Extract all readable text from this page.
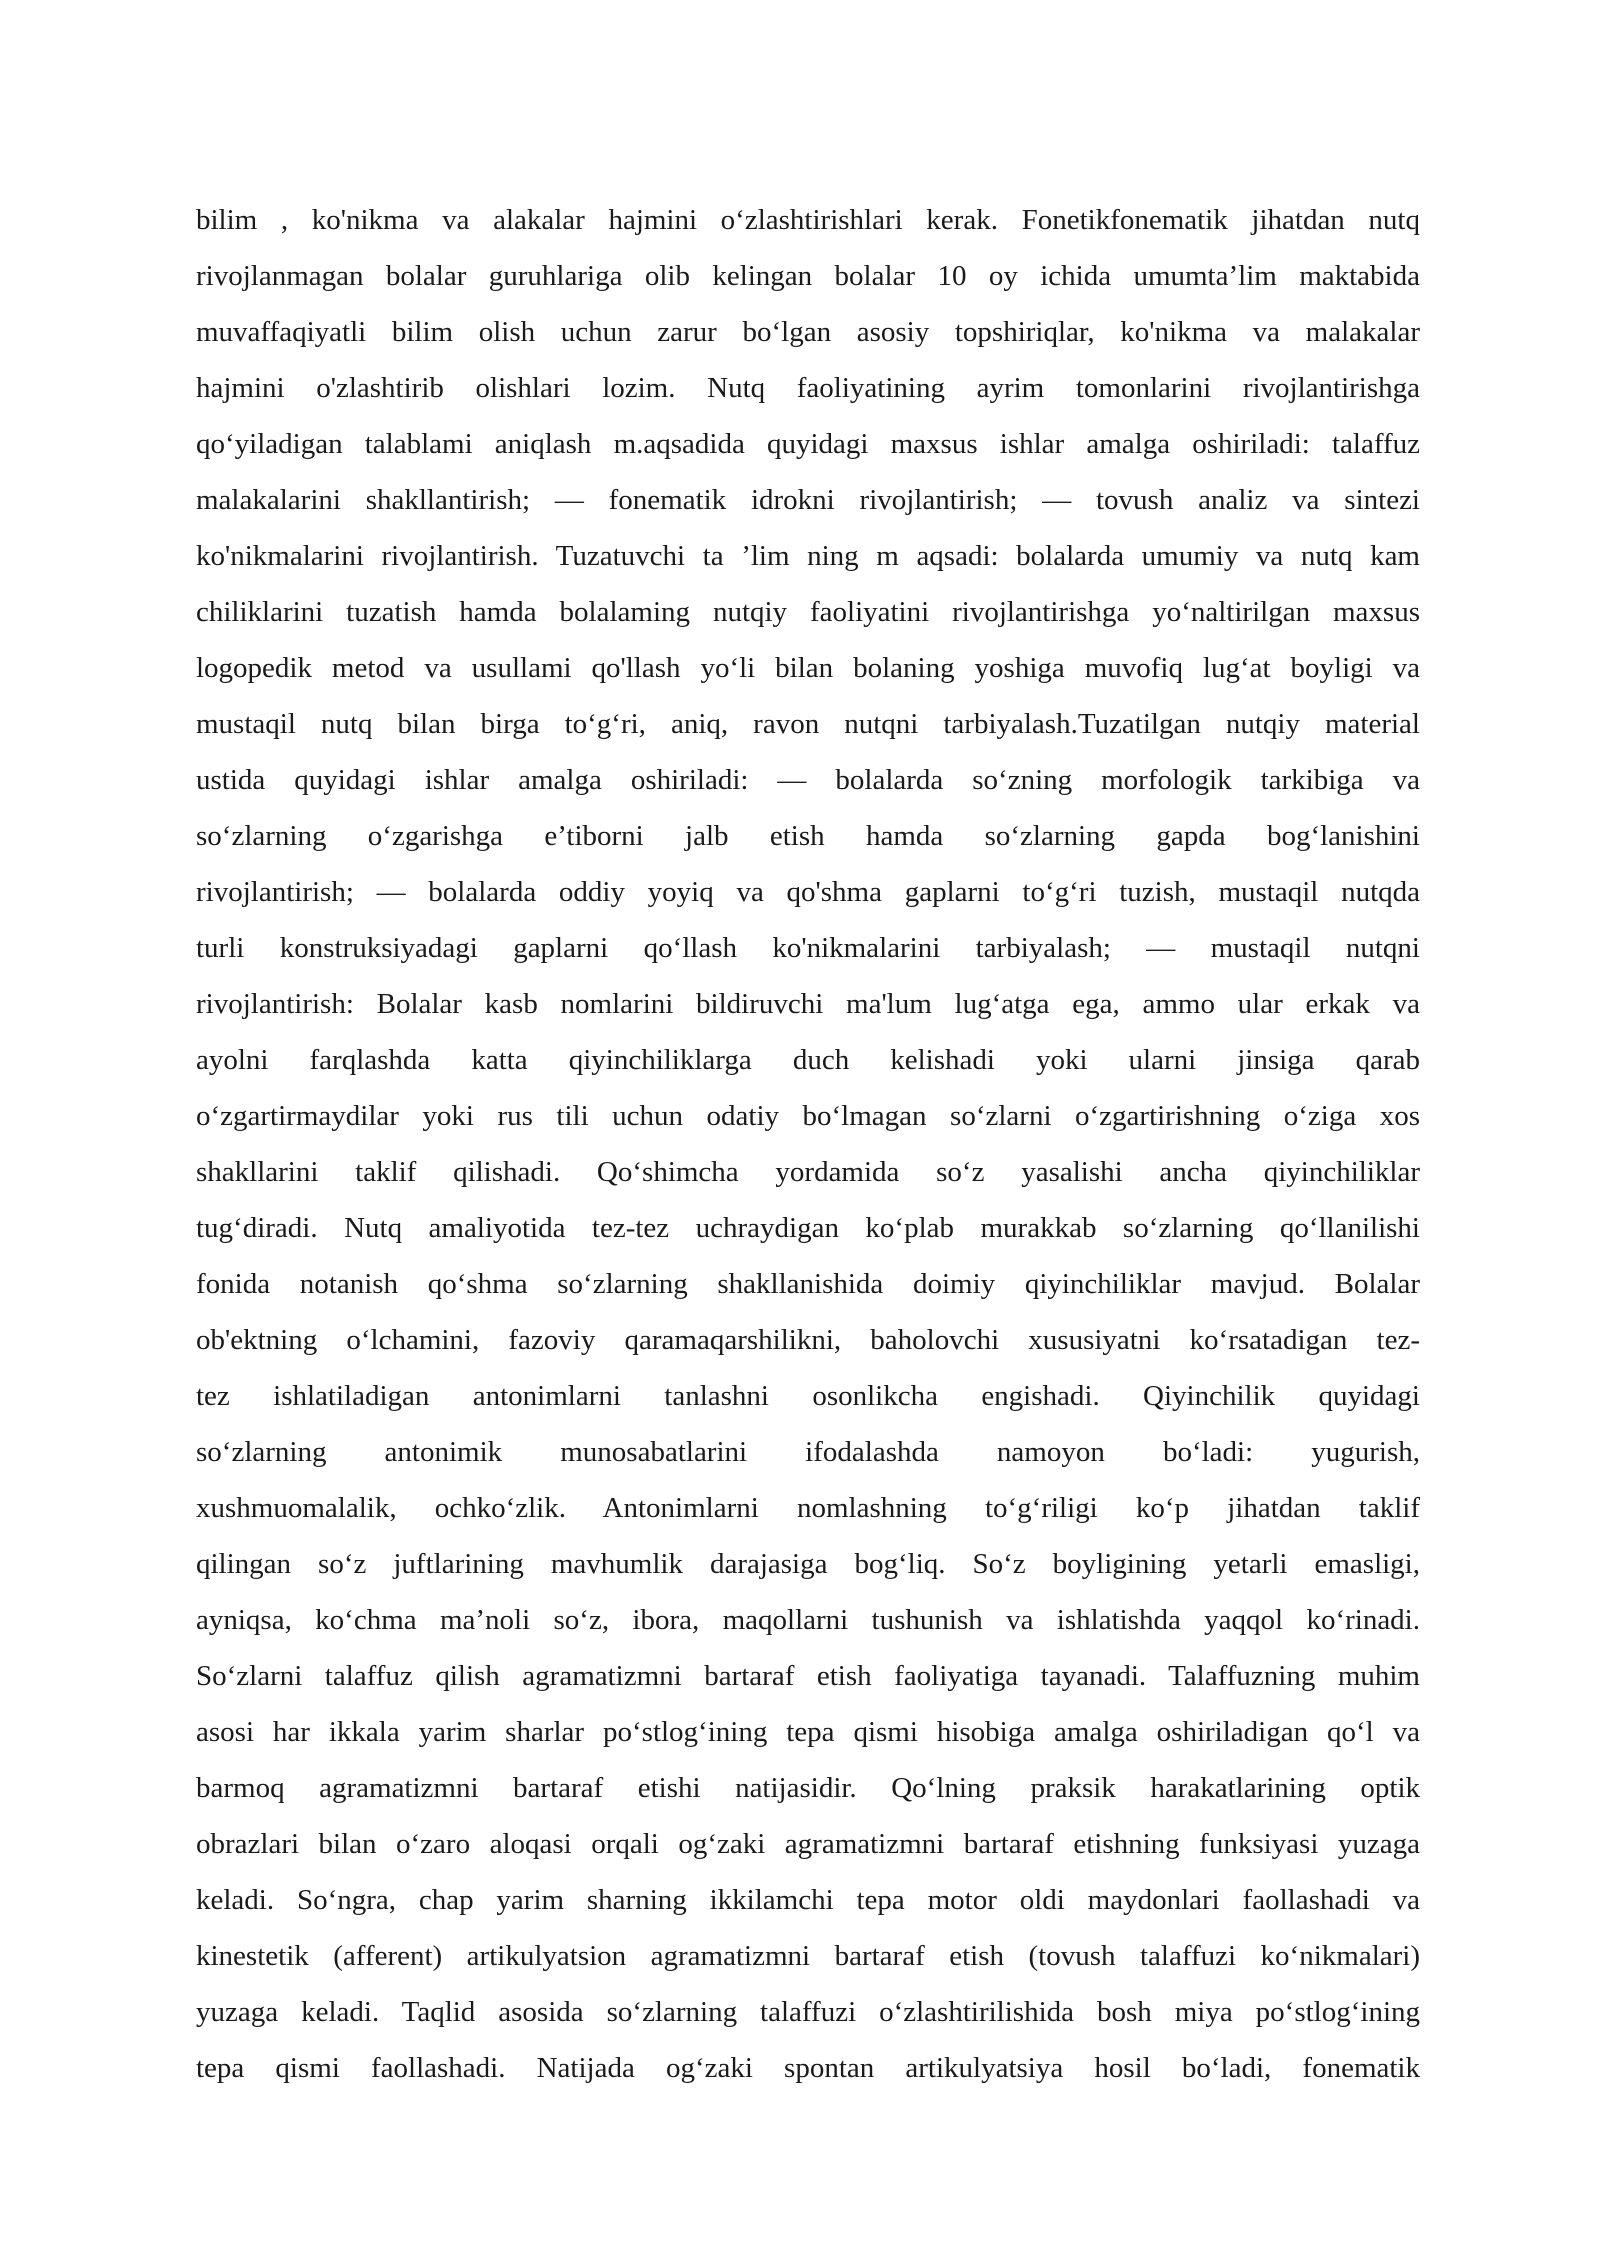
bilim , ko'nikma va alakalar hajmini o‘zlashtirishlari kerak. Fonetikfonematik jihatdan nutq
rivojlanmagan bolalar guruhlariga olib kelingan bolalar 10 oy ichida umumta’lim maktabida
muvaffaqiyatli bilim olish uchun zarur bo‘lgan asosiy topshiriqlar, ko'nikma va malakalar
hajmini o'zlashtirib olishlari lozim. Nutq faoliyatining ayrim tomonlarini rivojlantirishga
qo‘yiladigan talablami aniqlash m.aqsadida quyidagi maxsus ishlar amalga oshiriladi: talaffuz
malakalarini shakllantirish; — fonematik idrokni rivojlantirish; — tovush analiz va sintezi
ko'nikmalarini rivojlantirish. Tuzatuvchi ta ’lim ning m aqsadi: bolalarda umumiy va nutq kam
chiliklarini tuzatish hamda bolalaming nutqiy faoliyatini rivojlantirishga yo‘naltirilgan maxsus
logopedik metod va usullami qo'llash yo‘li bilan bolaning yoshiga muvofiq lug‘at boyligi va
mustaqil nutq bilan birga to‘g‘ri, aniq, ravon nutqni tarbiyalash.Tuzatilgan nutqiy material
ustida quyidagi ishlar amalga oshiriladi: — bolalarda so‘zning morfologik tarkibiga va
so‘zlarning o‘zgarishga e’tiborni jalb etish hamda so‘zlarning gapda bog‘lanishini
rivojlantirish; — bolalarda oddiy yoyiq va qo'shma gaplarni to‘g‘ri tuzish, mustaqil nutqda
turli konstruksiyadagi gaplarni qo‘llash ko'nikmalarini tarbiyalash; — mustaqil nutqni
rivojlantirish: Bolalar kasb nomlarini bildiruvchi ma'lum lug‘atga ega, ammo ular erkak va
ayolni farqlashda katta qiyinchiliklarga duch kelishadi yoki ularni jinsiga qarab
o‘zgartirmaydilar yoki rus tili uchun odatiy bo‘lmagan so‘zlarni o‘zgartirishning o‘ziga xos
shakllarini taklif qilishadi. Qo‘shimcha yordamida so‘z yasalishi ancha qiyinchiliklar
tug‘diradi. Nutq amaliyotida tez-tez uchraydigan ko‘plab murakkab so‘zlarning qo‘llanilishi
fonida notanish qo‘shma so‘zlarning shakllanishida doimiy qiyinchiliklar mavjud. Bolalar
ob'ektning o‘lchamini, fazoviy qaramaqarshilikni, baholovchi xususiyatni ko‘rsatadigan tez-
tez ishlatiladigan antonimlarni tanlashni osonlikcha engishadi. Qiyinchilik quyidagi
so‘zlarning antonimik munosabatlarini ifodalashda namoyon bo‘ladi: yugurish,
xushmuomalalik, ochko‘zlik. Antonimlarni nomlashning to‘g‘riligi ko‘p jihatdan taklif
qilingan so‘z juftlarining mavhumlik darajasiga bog‘liq. So‘z boyligining yetarli emasligi,
ayniqsa, ko‘chma ma’noli so‘z, ibora, maqollarni tushunish va ishlatishda yaqqol ko‘rinadi.
So‘zlarni talaffuz qilish agramatizmni bartaraf etish faoliyatiga tayanadi. Talaffuzning muhim
asosi har ikkala yarim sharlar po‘stlog‘ining tepa qismi hisobiga amalga oshiriladigan qo‘l va
barmoq agramatizmni bartaraf etishi natijasidir. Qo‘lning praksik harakatlarining optik
obrazlari bilan o‘zaro aloqasi orqali og‘zaki agramatizmni bartaraf etishning funksiyasi yuzaga
keladi. So‘ngra, chap yarim sharning ikkilamchi tepa motor oldi maydonlari faollashadi va
kinestetik (afferent) artikulyatsion agramatizmni bartaraf etish (tovush talaffuzi ko‘nikmalari)
yuzaga keladi. Taqlid asosida so‘zlarning talaffuzi o‘zlashtirilishida bosh miya po‘stlog‘ining
tepa qismi faollashadi. Natijada og‘zaki spontan artikulyatsiya hosil bo‘ladi, fonematik
